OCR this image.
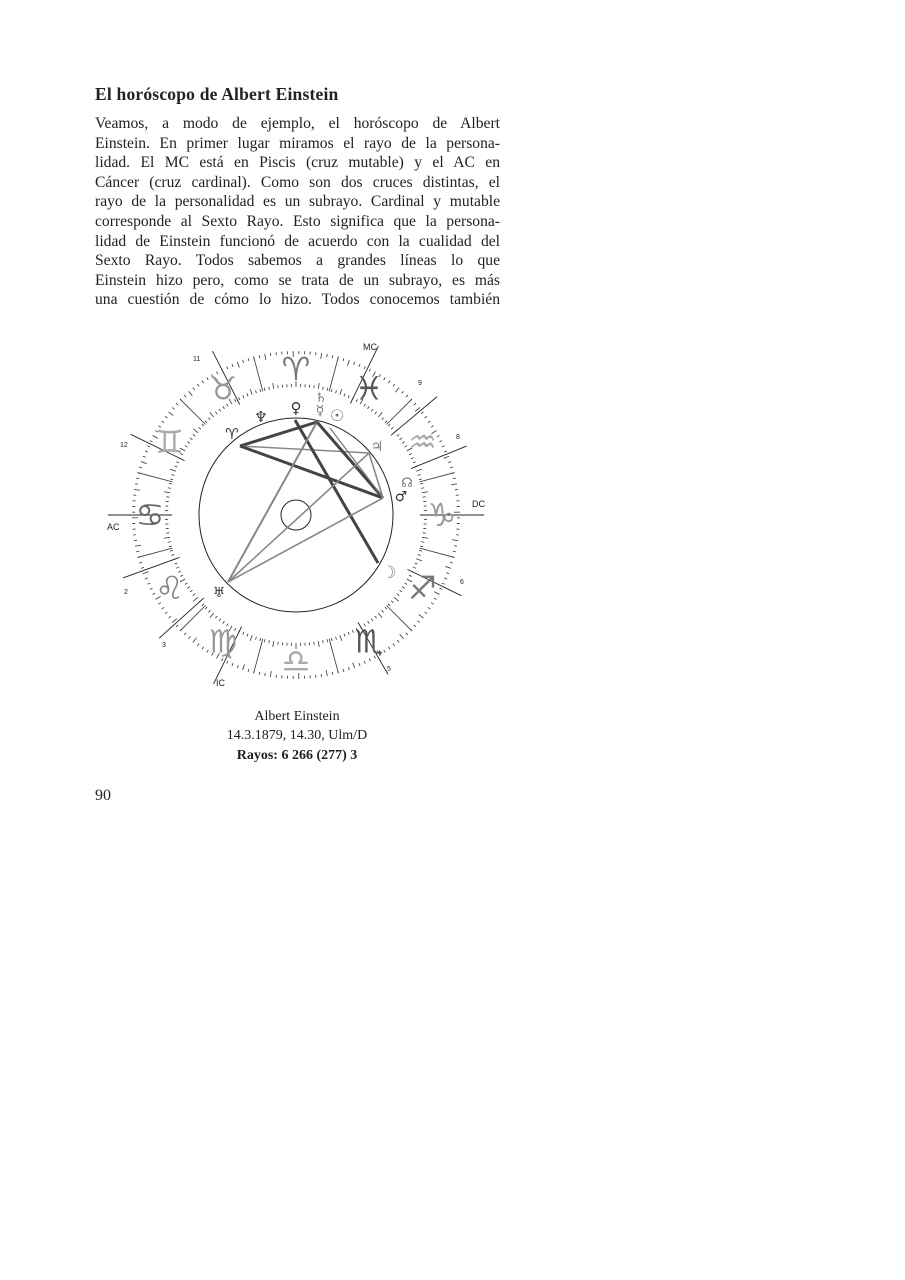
El horóscopo de Albert Einstein
Veamos, a modo de ejemplo, el horóscopo de Albert
Einstein. En primer lugar miramos el rayo de la persona-
lidad. El MC está en Piscis (cruz mutable) y el AC en
Cáncer (cruz cardinal). Como son dos cruces distintas, el
rayo de la personalidad es un subrayo. Cardinal y mutable
corresponde al Sexto Rayo. Esto significa que la persona-
lidad de Einstein funcionó de acuerdo con la cualidad del
Sexto Rayo. Todos sabemos a grandes líneas lo que
Einstein hizo pero, como se trata de un subrayo, es más
una cuestión de cómo lo hizo. Todos conocemos también
♋
♌
♍
♎
♏
♐
♑
♒
♓
♈
♉
♊	♈
♆ ♀ ☿
♄
☉
♃
☊
♂
☽
♅
MC
IC
AC
DC
2
3
5
6
8
9
11
12
Albert Einstein
14.3.1879, 14.30, Ulm/D
Rayos: 6 266 (277) 3
90
